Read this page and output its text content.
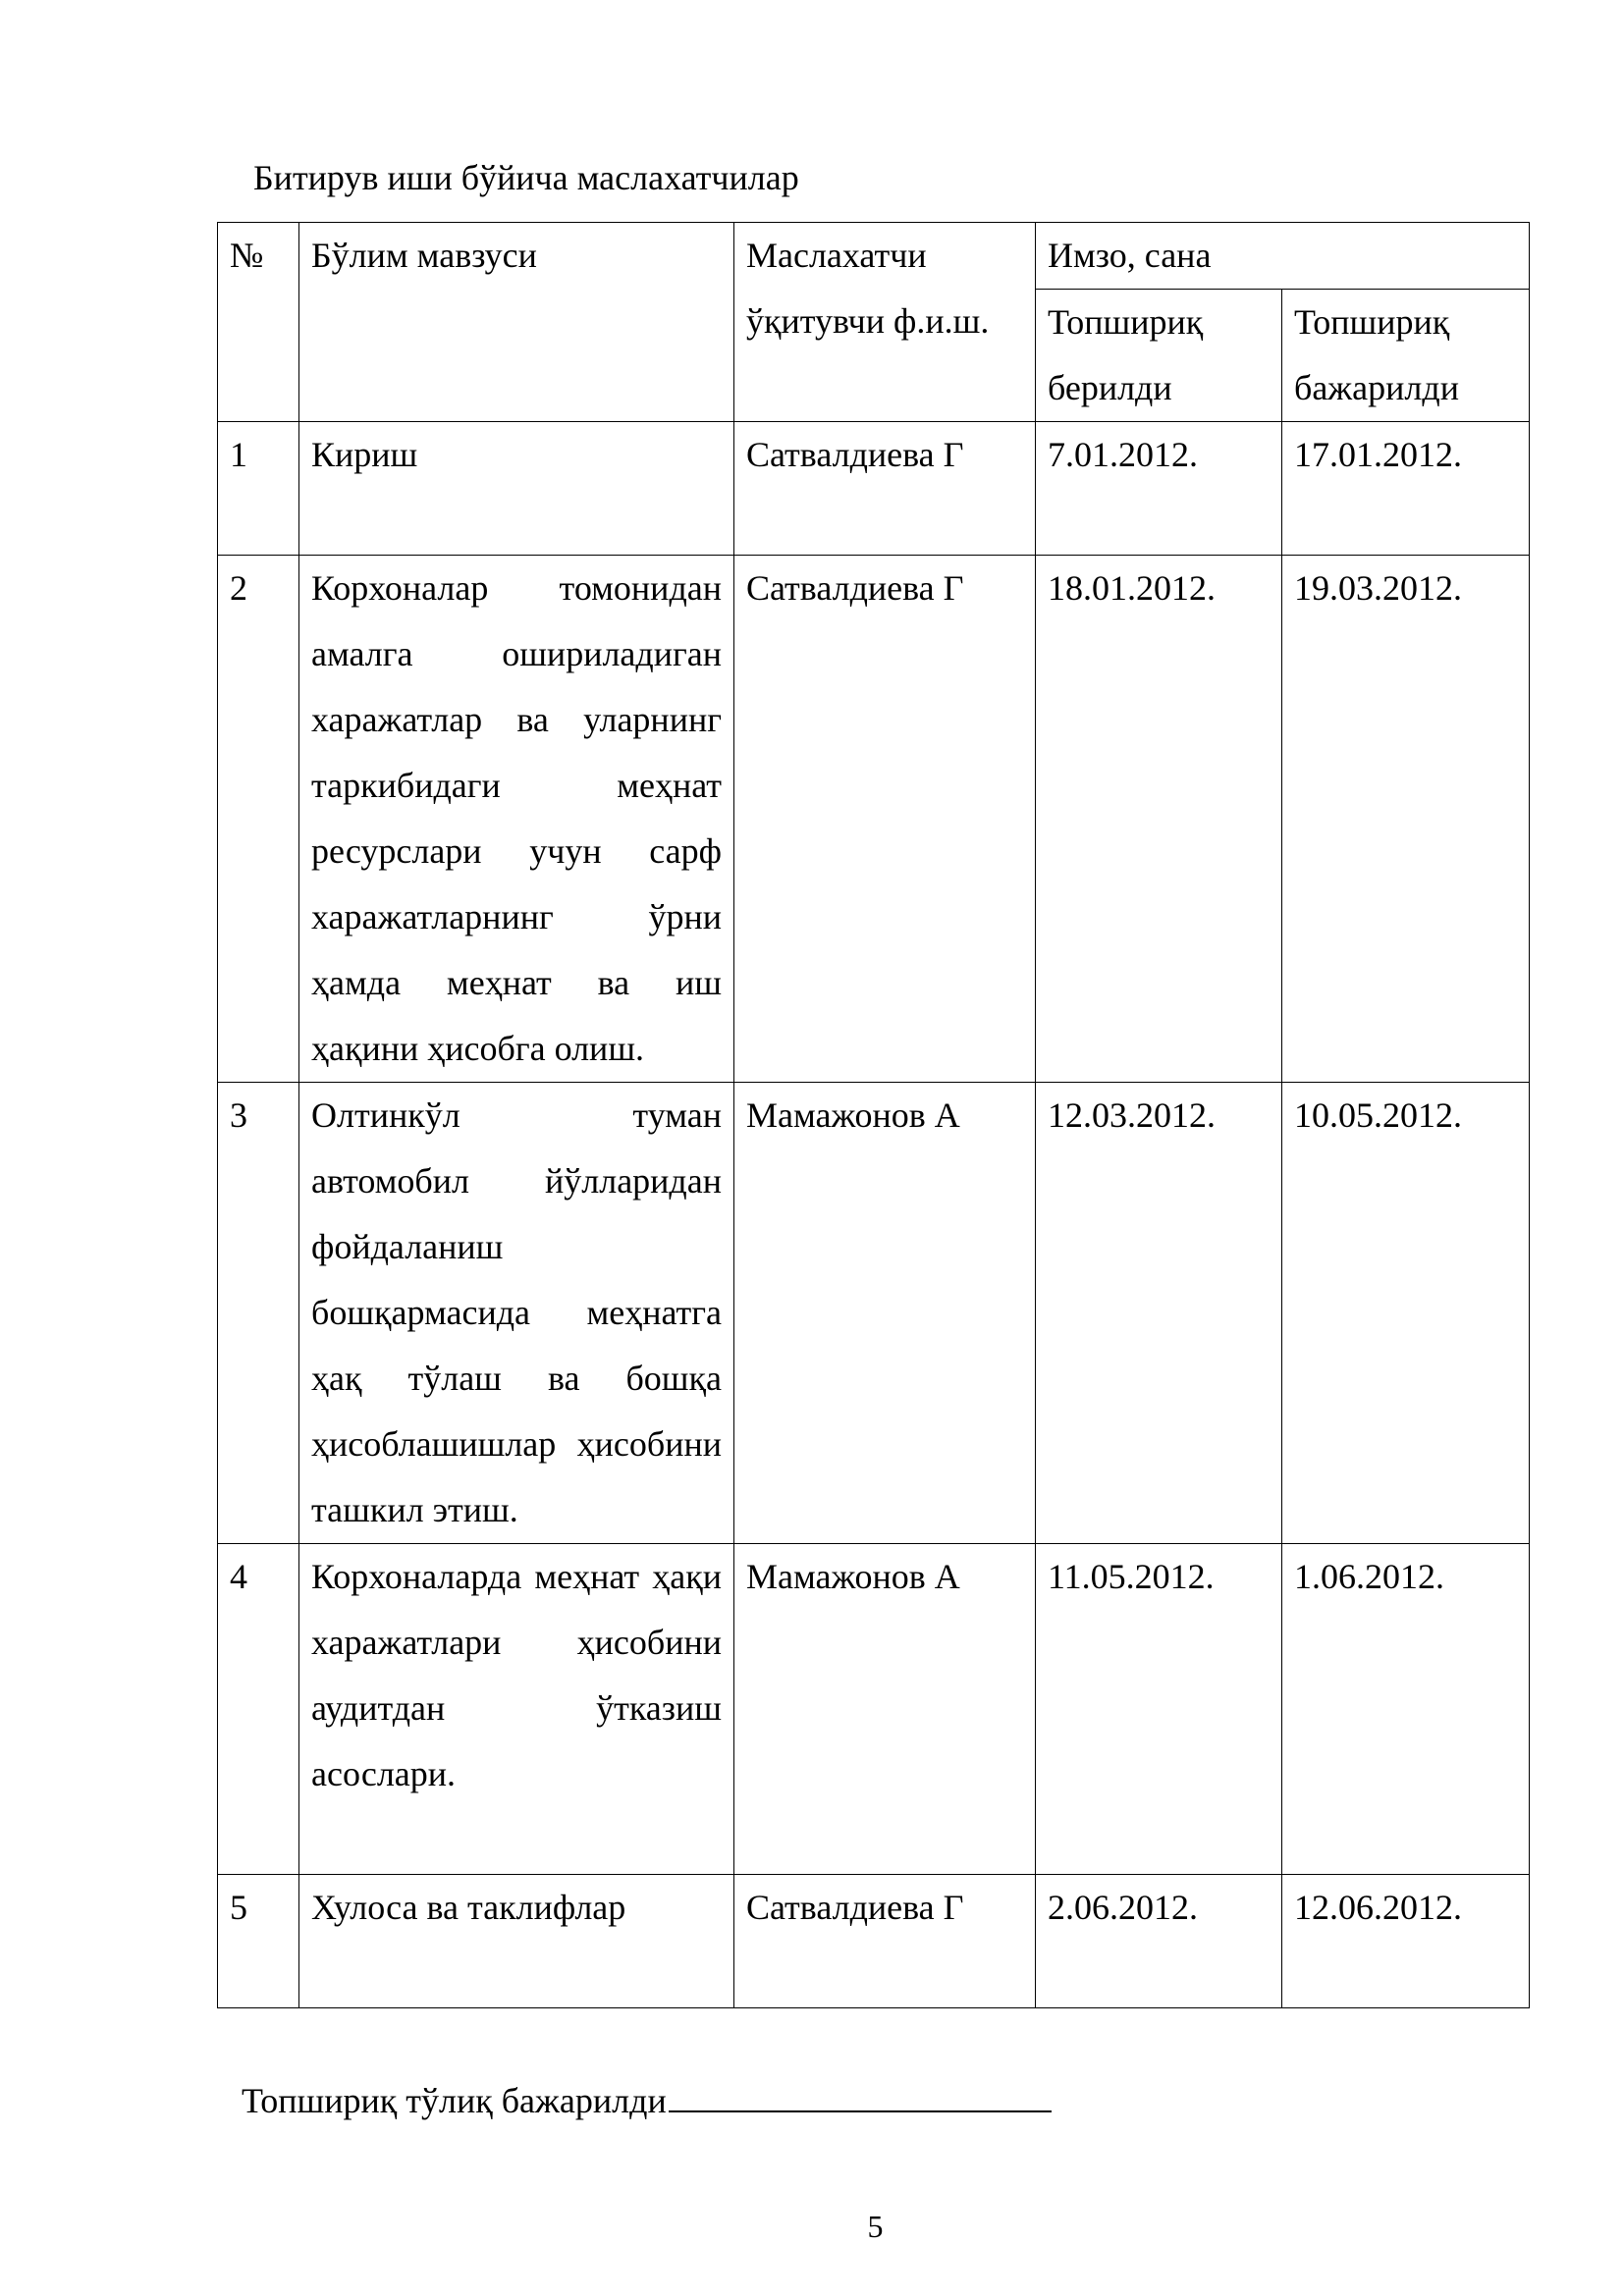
Битирув иши бўйича маслахатчилар
№	Бўлим мавзуси	Маслахатчи ўқитувчи ф.и.ш.	Имзо, сана	
			Топшириқ берилди	Топшириқ бажарилди
1	Кириш	Сатвалдиева Г	7.01.2012.	17.01.2012.
2	Корхоналар томонидан амалга ошириладиган харажатлар ва уларнинг таркибидаги меҳнат ресурслари учун сарф харажатларнинг ўрни ҳамда меҳнат ва иш ҳақини ҳисобга олиш.	Сатвалдиева Г	18.01.2012.	19.03.2012.
3	Олтинкўл туман автомобил йўлларидан фойдаланиш бошқармасида меҳнатга ҳақ тўлаш ва бошқа ҳисоблашишлар ҳисобини ташкил этиш.	Мамажонов А	12.03.2012.	10.05.2012.
4	Корхоналарда меҳнат ҳақи харажатлари ҳисобини аудитдан ўтказиш асослари.	Мамажонов А	11.05.2012.	1.06.2012.
5	Хулоса ва таклифлар	Сатвалдиева Г	2.06.2012.	12.06.2012.
Топшириқ тўлиқ бажарилди
5
